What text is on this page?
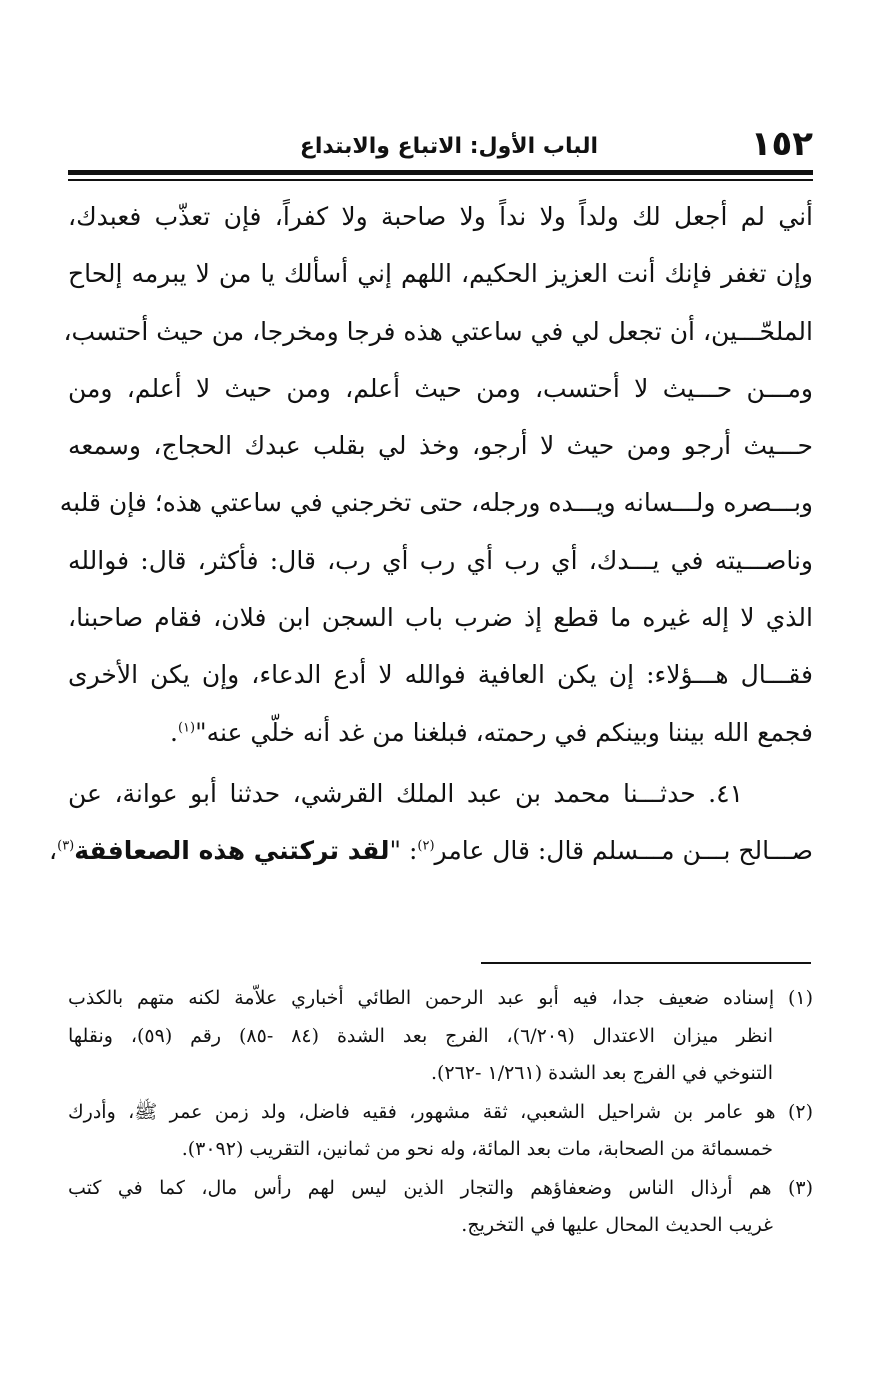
١٥٢
الباب الأول: الاتباع والابتداع
أني لم أجعل لك ولداً ولا نداً ولا صاحبة ولا كفراً، فإن تعذّب فعبدك،
وإن تغفر فإنك أنت العزيز الحكيم، اللهم إني أسألك يا من لا يبرمه إلحاح
الملحّـــين، أن تجعل لي في ساعتي هذه فرجا ومخرجا، من حيث أحتسب،
ومـــن حـــيث لا أحتسب، ومن حيث أعلم، ومن حيث لا أعلم، ومن
حـــيث أرجو ومن حيث لا أرجو، وخذ لي بقلب عبدك الحجاج، وسمعه
وبـــصره ولـــسانه ويـــده ورجله، حتى تخرجني في ساعتي هذه؛ فإن قلبه
وناصـــيته في يـــدك، أي رب أي رب أي رب، قال: فأكثر، قال: فوالله
الذي لا إله غيره ما قطع إذ ضرب باب السجن ابن فلان، فقام صاحبنا،
فقـــال هـــؤلاء: إن يكن العافية فوالله لا أدع الدعاء، وإن يكن الأخرى
فجمع الله بيننا وبينكم في رحمته، فبلغنا من غد أنه خلّي عنه"$^{(١)}$.
٤١. حدثـــنا محمد بن عبد الملك القرشي، حدثنا أبو عوانة، عن
صـــالح بـــن مـــسلم قال: قال عامر$^{(٢)}$: "لقد تركتني هذه الصعافقة$^{(٣)}$،
(١) إسناده ضعيف جدا، فيه أبو عبد الرحمن الطائي أخباري علاّمة لكنه متهم بالكذب
انظر ميزان الاعتدال (٦/٢٠٩)، الفرج بعد الشدة (٨٤ -٨٥) رقم (٥٩)، ونقلها
التنوخي في الفرج بعد الشدة (١/٢٦١ -٢٦٢).
(٢) هو عامر بن شراحيل الشعبي، ثقة مشهور، فقيه فاضل، ولد زمن عمر ﷺ، وأدرك
خمسمائة من الصحابة، مات بعد المائة، وله نحو من ثمانين، التقريب (٣٠٩٢).
(٣) هم أرذال الناس وضعفاؤهم والتجار الذين ليس لهم رأس مال، كما في كتب
غريب الحديث المحال عليها في التخريج.
